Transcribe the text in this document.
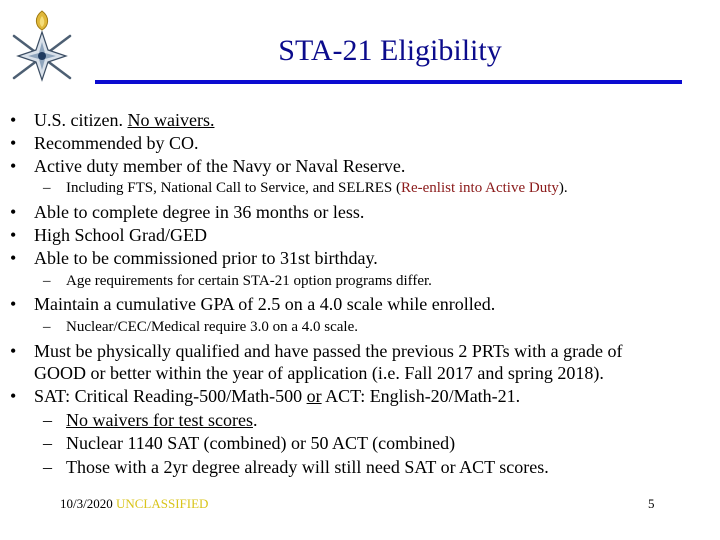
STA-21 Eligibility
• U.S. citizen. No waivers.
• Recommended by CO.
• Active duty member of the Navy or Naval Reserve.
– Including FTS, National Call to Service, and SELRES (Re-enlist into Active Duty).
• Able to complete degree in 36 months or less.
• High School Grad/GED
• Able to be commissioned prior to 31st birthday.
– Age requirements for certain STA-21 option programs differ.
• Maintain a cumulative GPA of 2.5 on a 4.0 scale while enrolled.
– Nuclear/CEC/Medical require 3.0 on a 4.0 scale.
• Must be physically qualified and have passed the previous 2 PRTs with a grade of
GOOD or better within the year of application (i.e. Fall 2017 and spring 2018).
• SAT: Critical Reading-500/Math-500 or ACT: English-20/Math-21.
– No waivers for test scores.
– Nuclear 1140 SAT (combined) or 50 ACT (combined)
– Those with a 2yr degree already will still need SAT or ACT scores.
10/3/2020 UNCLASSIFIED	5
